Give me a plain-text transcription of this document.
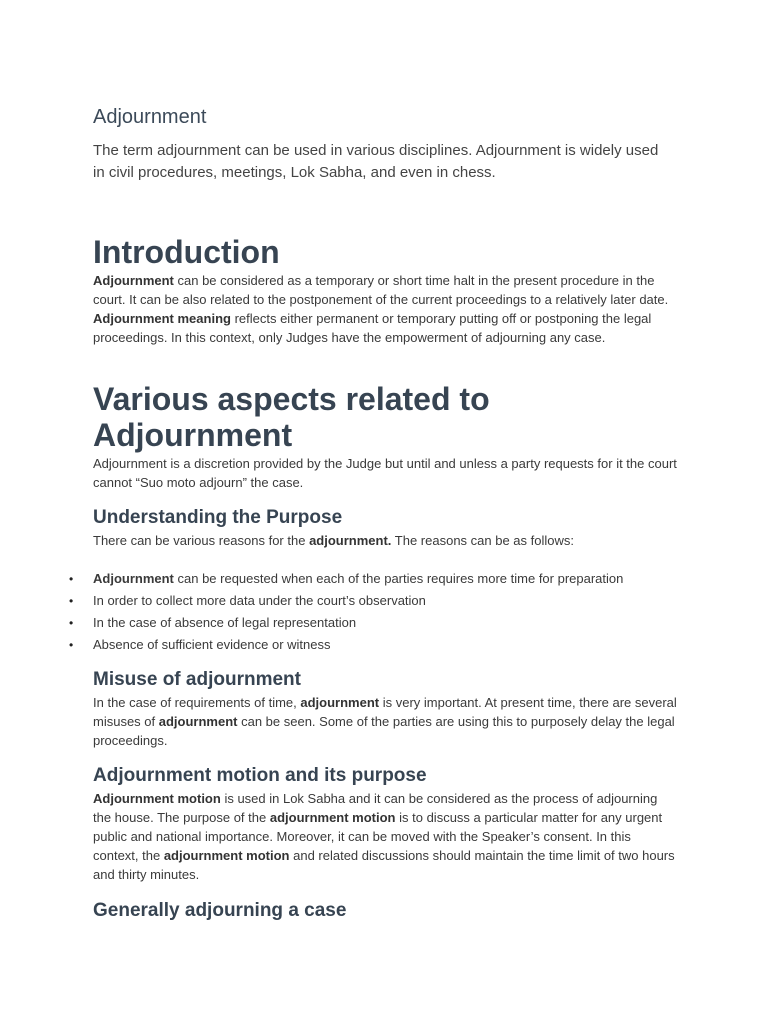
Adjournment

The term adjournment can be used in various disciplines. Adjournment is widely used in civil procedures, meetings, Lok Sabha, and even in chess.

Introduction

Adjournment can be considered as a temporary or short time halt in the present procedure in the court. It can be also related to the postponement of the current proceedings to a relatively later date. Adjournment meaning reflects either permanent or temporary putting off or postponing the legal proceedings. In this context, only Judges have the empowerment of adjourning any case.

Various aspects related to
Adjournment

Adjournment is a discretion provided by the Judge but until and unless a party requests for it the court cannot “Suo moto adjourn” the case.

Understanding the Purpose

There can be various reasons for the adjournment. The reasons can be as follows:

• Adjournment can be requested when each of the parties requires more time for preparation
• In order to collect more data under the court’s observation
• In the case of absence of legal representation
• Absence of sufficient evidence or witness
Misuse of adjournment

In the case of requirements of time, adjournment is very important. At present time, there are several misuses of adjournment can be seen. Some of the parties are using this to purposely delay the legal proceedings.

Adjournment motion and its purpose

Adjournment motion is used in Lok Sabha and it can be considered as the process of adjourning the house. The purpose of the adjournment motion is to discuss a particular matter for any urgent public and national importance. Moreover, it can be moved with the Speaker’s consent. In this context, the adjournment motion and related discussions should maintain the time limit of two hours and thirty minutes.

Generally adjourning a case
